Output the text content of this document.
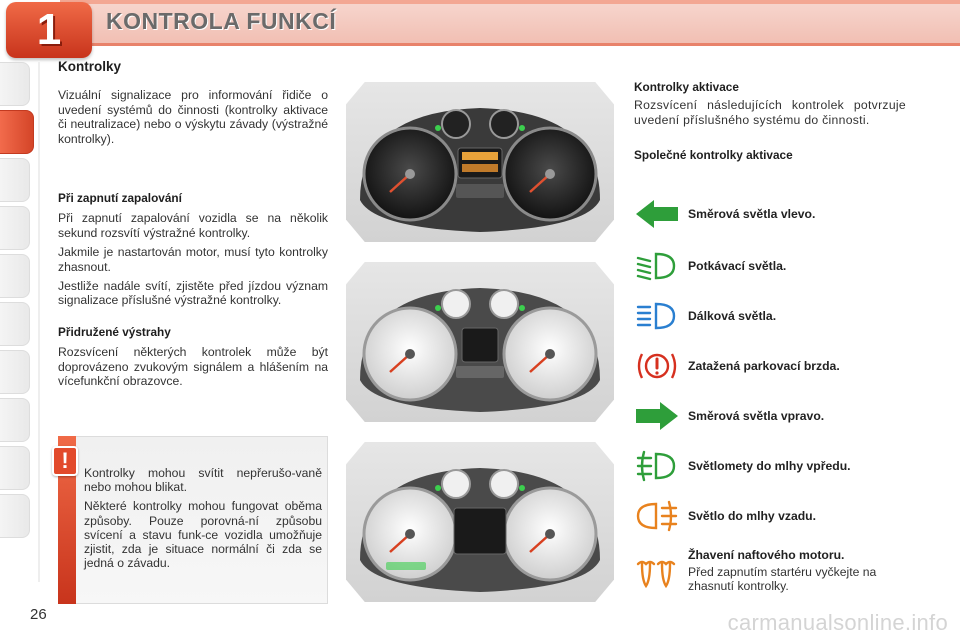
1	KONTROLA FUNKCÍ
Kontrolky

Vizuální signalizace pro informování řidiče o uvedení systémů do činnosti (kontrolky aktivace či neutralizace) nebo o výskytu závady (výstražné kontrolky).

Při zapnutí zapalování

Při zapnutí zapalování vozidla se na několik sekund rozsvítí výstražné kontrolky.

Jakmile je nastartován motor, musí tyto kontrolky zhasnout.

Jestliže nadále svítí, zjistěte před jízdou význam signalizace příslušné výstražné kontrolky.

Přidružené výstrahy

Rozsvícení některých kontrolek může být doprovázeno zvukovým signálem a hlášením na vícefunkční obrazovce.

!	Kontrolky mohou svítit nepřerušo-vaně nebo mohou blikat.

Některé kontrolky mohou fungovat oběma způsoby. Pouze porovná-ní způsobu svícení a stavu funk-ce vozidla umožňuje zjistit, zda je situace normální či zda se jedná o závadu.

Kontrolky aktivace

Rozsvícení následujících kontrolek potvrzuje uvedení příslušného systému do činnosti.

Společné kontrolky aktivace
Směrová světla vlevo.
Potkávací světla.
Dálková světla.
Zatažená parkovací brzda.
Směrová světla vpravo.
Světlomety do mlhy vpředu.
Světlo do mlhy vzadu.
Žhavení naftového motoru.
Před zapnutím startéru vyčkejte na zhasnutí kontrolky.
26	carmanualsonline.info
